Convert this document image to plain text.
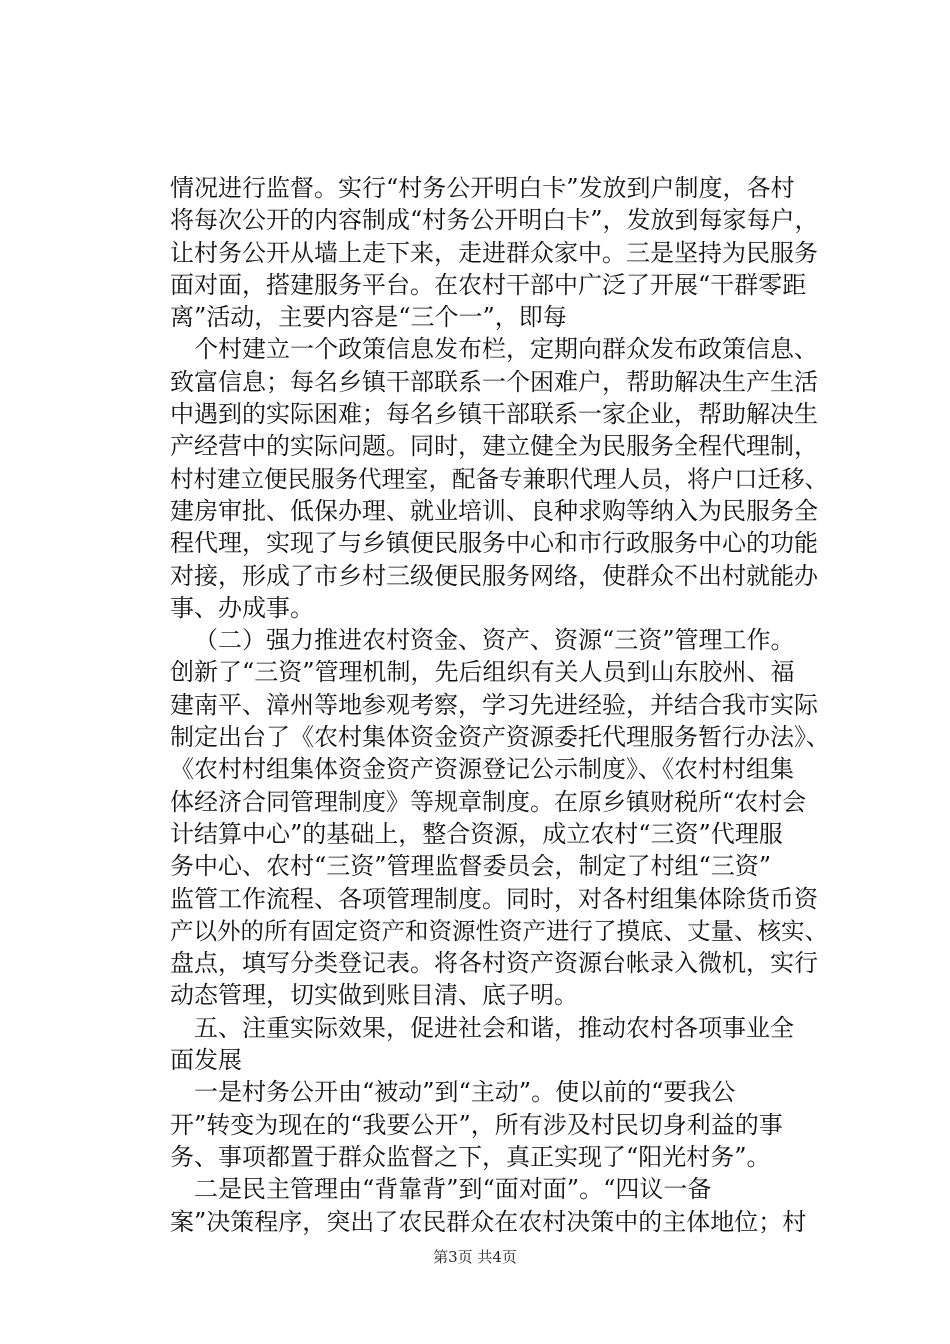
情况进行监督。实行“村务公开明白卡”发放到户制度，各村
将每次公开的内容制成“村务公开明白卡”，发放到每家每户，
让村务公开从墙上走下来，走进群众家中。三是坚持为民服务
面对面，搭建服务平台。在农村干部中广泛了开展“干群零距
离”活动，主要内容是“三个一”，即每
个村建立一个政策信息发布栏，定期向群众发布政策信息、
致富信息；每名乡镇干部联系一个困难户，帮助解决生产生活
中遇到的实际困难；每名乡镇干部联系一家企业，帮助解决生
产经营中的实际问题。同时，建立健全为民服务全程代理制，
村村建立便民服务代理室，配备专兼职代理人员，将户口迁移、
建房审批、低保办理、就业培训、良种求购等纳入为民服务全
程代理，实现了与乡镇便民服务中心和市行政服务中心的功能
对接，形成了市乡村三级便民服务网络，使群众不出村就能办
事、办成事。
（二）强力推进农村资金、资产、资源“三资”管理工作。
创新了“三资”管理机制，先后组织有关人员到山东胶州、福
建南平、漳州等地参观考察，学习先进经验，并结合我市实际
制定出台了《农村集体资金资产资源委托代理服务暂行办法》、
《农村村组集体资金资产资源登记公示制度》、《农村村组集
体经济合同管理制度》等规章制度。在原乡镇财税所“农村会
计结算中心”的基础上，整合资源，成立农村“三资”代理服
务中心、农村“三资”管理监督委员会，制定了村组“三资”
监管工作流程、各项管理制度。同时，对各村组集体除货币资
产以外的所有固定资产和资源性资产进行了摸底、丈量、核实、
盘点，填写分类登记表。将各村资产资源台帐录入微机，实行
动态管理，切实做到账目清、底子明。
五、注重实际效果，促进社会和谐，推动农村各项事业全
面发展
一是村务公开由“被动”到“主动”。使以前的“要我公
开”转变为现在的“我要公开”，所有涉及村民切身利益的事
务、事项都置于群众监督之下，真正实现了“阳光村务”。
二是民主管理由“背靠背”到“面对面”。“四议一备
案”决策程序，突出了农民群众在农村决策中的主体地位；村
第3页 共4页
